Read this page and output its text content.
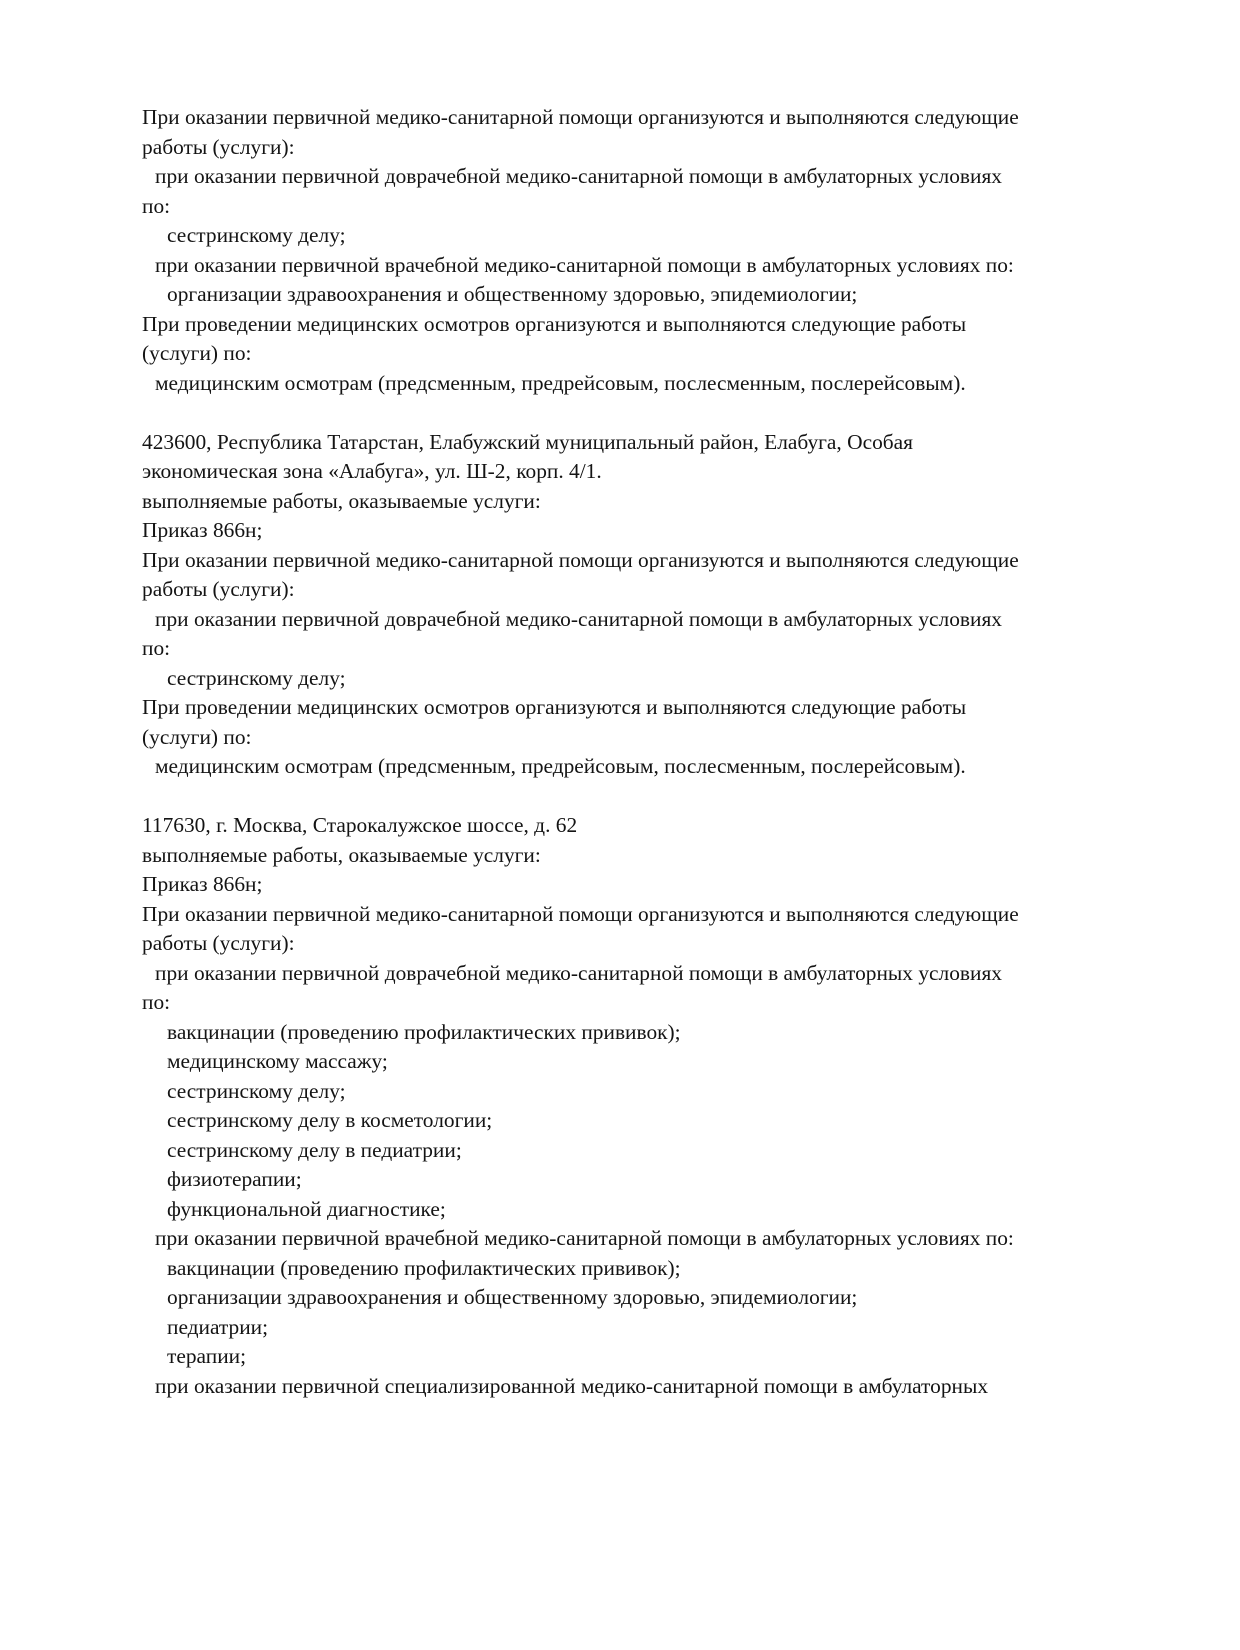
При оказании первичной медико-санитарной помощи организуются и выполняются следующие
работы (услуги):
при оказании первичной доврачебной медико-санитарной помощи в амбулаторных условиях
по:
сестринскому делу;
при оказании первичной врачебной медико-санитарной помощи в амбулаторных условиях по:
организации здравоохранения и общественному здоровью, эпидемиологии;
При проведении медицинских осмотров организуются и выполняются следующие работы
(услуги) по:
медицинским осмотрам (предсменным, предрейсовым, послесменным, послерейсовым).
423600, Республика Татарстан, Елабужский муниципальный район, Елабуга, Особая
экономическая зона «Алабуга», ул. Ш-2, корп. 4/1.
выполняемые работы, оказываемые услуги:
Приказ 866н;
При оказании первичной медико-санитарной помощи организуются и выполняются следующие
работы (услуги):
при оказании первичной доврачебной медико-санитарной помощи в амбулаторных условиях
по:
сестринскому делу;
При проведении медицинских осмотров организуются и выполняются следующие работы
(услуги) по:
медицинским осмотрам (предсменным, предрейсовым, послесменным, послерейсовым).
117630, г. Москва, Старокалужское шоссе, д. 62
выполняемые работы, оказываемые услуги:
Приказ 866н;
При оказании первичной медико-санитарной помощи организуются и выполняются следующие
работы (услуги):
при оказании первичной доврачебной медико-санитарной помощи в амбулаторных условиях
по:
вакцинации (проведению профилактических прививок);
медицинскому массажу;
сестринскому делу;
сестринскому делу в косметологии;
сестринскому делу в педиатрии;
физиотерапии;
функциональной диагностике;
при оказании первичной врачебной медико-санитарной помощи в амбулаторных условиях по:
вакцинации (проведению профилактических прививок);
организации здравоохранения и общественному здоровью, эпидемиологии;
педиатрии;
терапии;
при оказании первичной специализированной медико-санитарной помощи в амбулаторных
